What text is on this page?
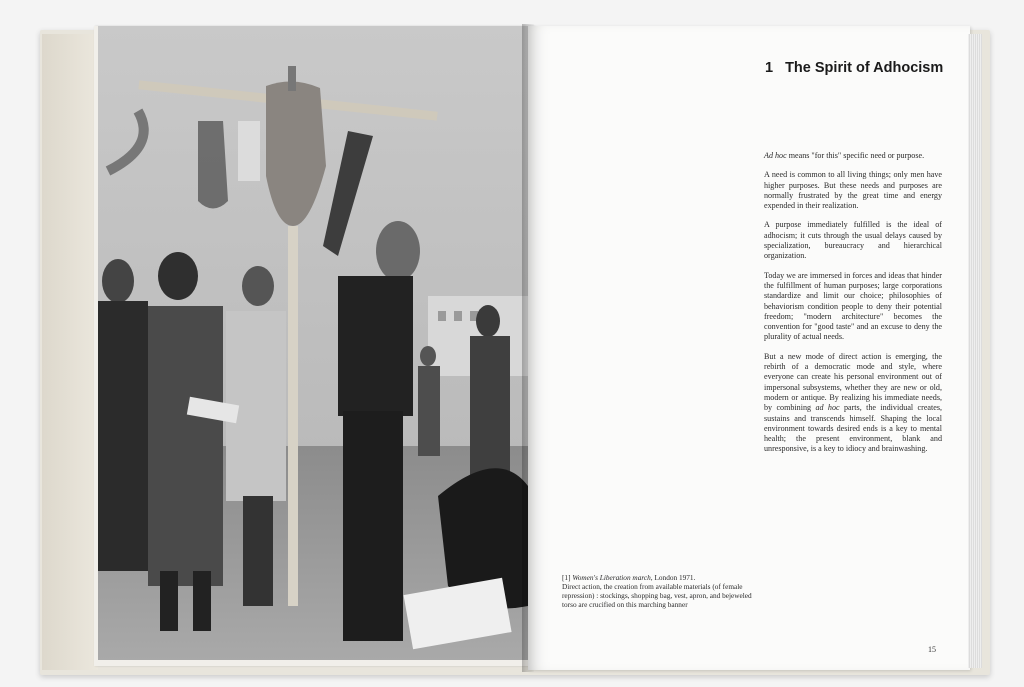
1 The Spirit of Adhocism

Ad hoc means "for this" specific need or purpose.

A need is common to all living things; only men have higher purposes. But these needs and purposes are normally frustrated by the great time and energy expended in their realization.

A purpose immediately fulfilled is the ideal of adhocism; it cuts through the usual delays caused by specialization, bureaucracy and hierarchical organization.

Today we are immersed in forces and ideas that hinder the fulfillment of human purposes; large corporations standardize and limit our choice; philosophies of behaviorism condition people to deny their potential freedom; "modern architecture" becomes the convention for "good taste" and an excuse to deny the plurality of actual needs.

But a new mode of direct action is emerging, the rebirth of a democratic mode and style, where everyone can create his personal environment out of impersonal subsystems, whether they are new or old, modern or antique. By realizing his immediate needs, by combining ad hoc parts, the individual creates, sustains and transcends himself. Shaping the local environment towards desired ends is a key to mental health; the present environment, blank and unresponsive, is a key to idiocy and brainwashing.

[1] Women's Liberation march, London 1971.
Direct action, the creation from available materials (of female repression) : stockings, shopping bag, vest, apron, and bejeweled torso are crucified on this marching banner
15
